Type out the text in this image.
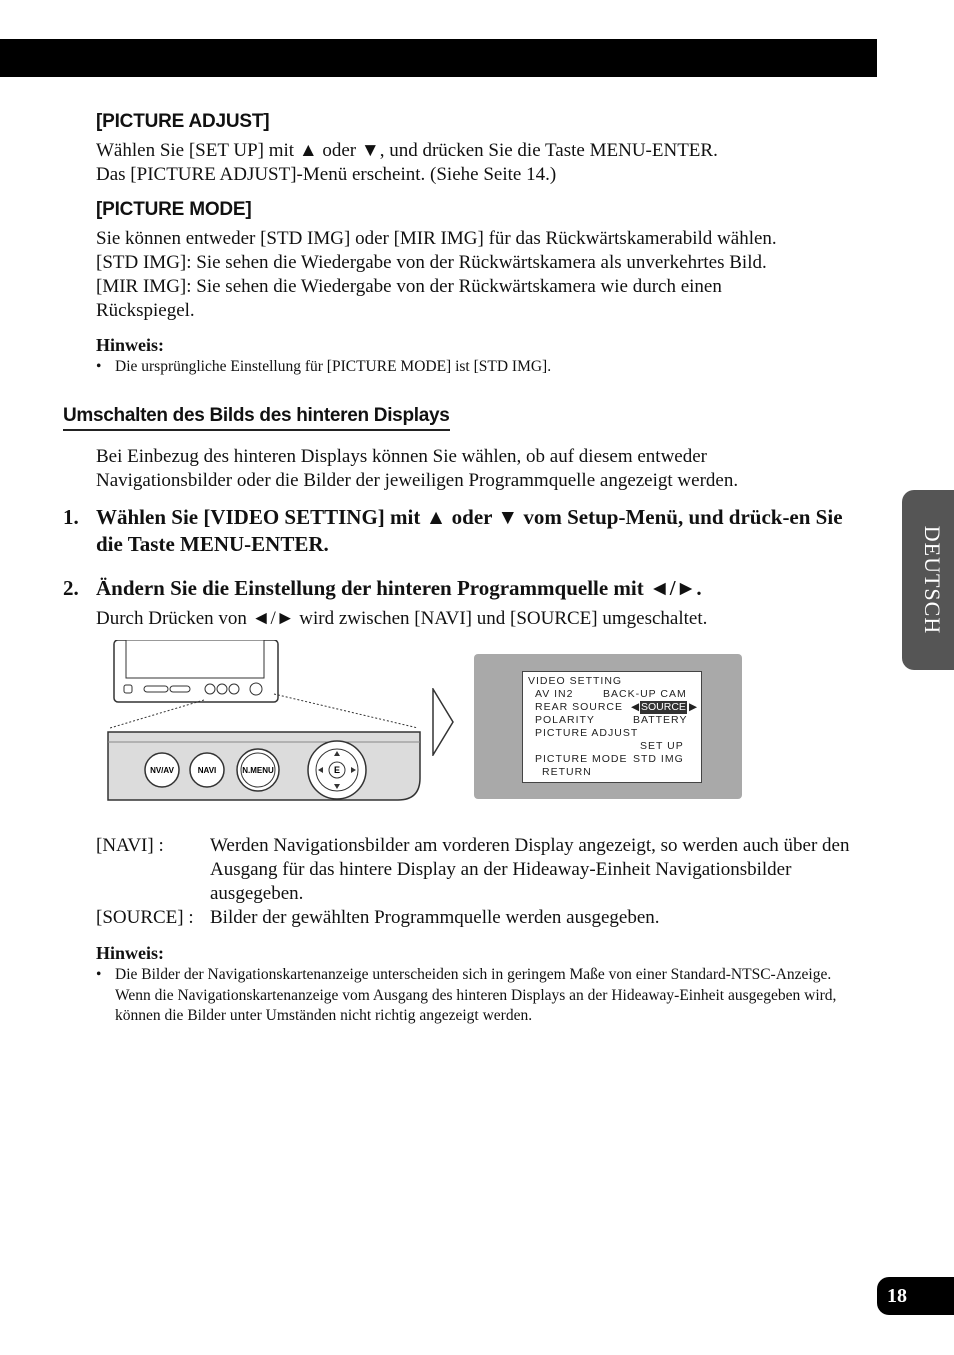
[PICTURE ADJUST]
Wählen Sie [SET UP] mit ▲ oder ▼, und drücken Sie die Taste MENU-ENTER.
Das [PICTURE ADJUST]-Menü erscheint. (Siehe Seite 14.)
[PICTURE MODE]
Sie können entweder [STD IMG] oder [MIR IMG] für das Rückwärtskamerabild wählen.
[STD IMG]: Sie sehen die Wiedergabe von der Rückwärtskamera als unverkehrtes Bild.
[MIR IMG]: Sie sehen die Wiedergabe von der Rückwärtskamera wie durch einen
Rückspiegel.
Hinweis:
• Die ursprüngliche Einstellung für [PICTURE MODE] ist [STD IMG].
Umschalten des Bilds des hinteren Displays
Bei Einbezug des hinteren Displays können Sie wählen, ob auf diesem entweder
Navigationsbilder oder die Bilder der jeweiligen Programmquelle angezeigt werden.
1. Wählen Sie [VIDEO SETTING] mit ▲ oder ▼ vom Setup-Menü, und drück-en Sie die Taste MENU-ENTER.
2. Ändern Sie die Einstellung der hinteren Programmquelle mit ◄/►.
Durch Drücken von ◄/► wird zwischen [NAVI] und [SOURCE] umgeschaltet.
NV/AV	NAVI	N.MENU	E
VIDEO SETTING
AV IN2	BACK-UP CAM
REAR SOURCE ◀ SOURCE ▶
POLARITY	BATTERY
PICTURE ADJUST
SET UP
PICTURE MODE STD IMG
RETURN
[NAVI] : Werden Navigationsbilder am vorderen Display angezeigt, so werden auch über den Ausgang für das hintere Display an der Hideaway-Einheit Navigationsbilder ausgegeben.
[SOURCE] : Bilder der gewählten Programmquelle werden ausgegeben.
Hinweis:
• Die Bilder der Navigationskartenanzeige unterscheiden sich in geringem Maße von einer Standard-NTSC-Anzeige. Wenn die Navigationskartenanzeige vom Ausgang des hinteren Displays an der Hideaway-Einheit ausgegeben wird, können die Bilder unter Umständen nicht richtig angezeigt werden.
DEUTSCH
18
